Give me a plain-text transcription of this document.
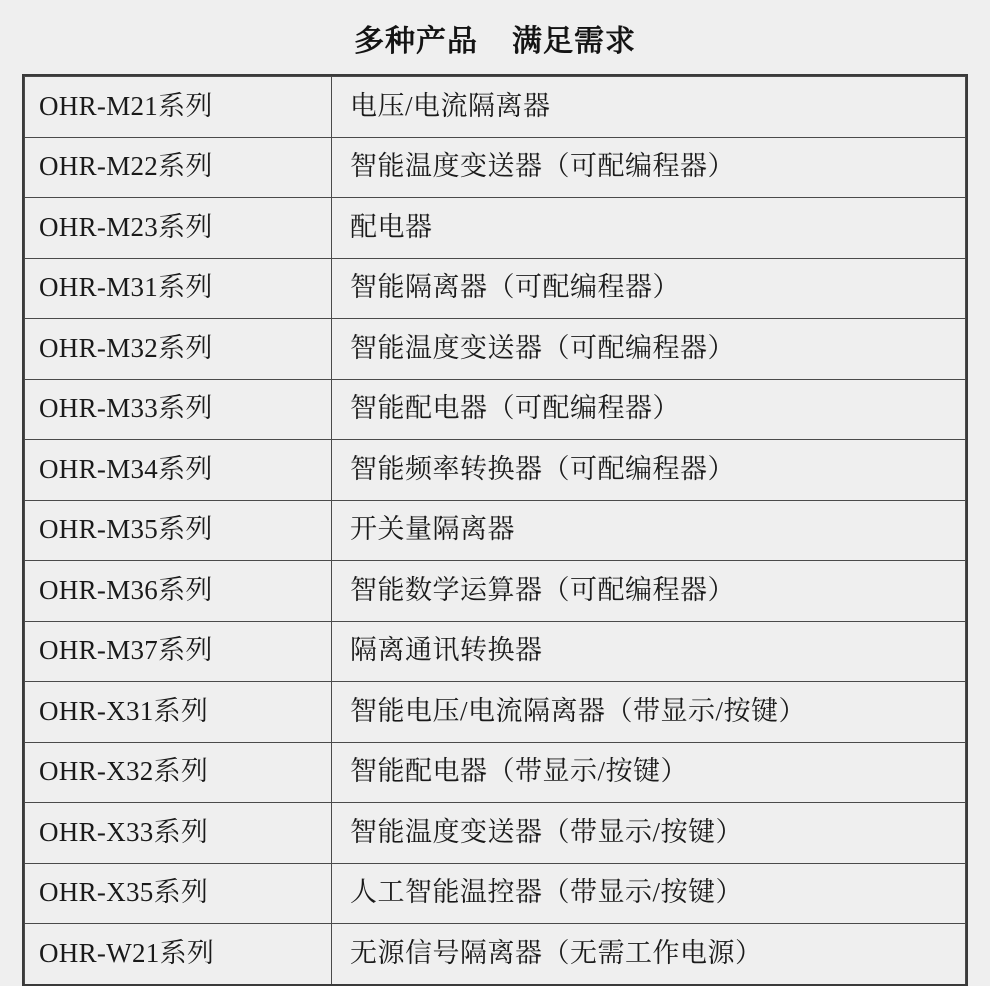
多种产品 满足需求
OHR-M21系列	电压/电流隔离器
OHR-M22系列	智能温度变送器（可配编程器）
OHR-M23系列	配电器
OHR-M31系列	智能隔离器（可配编程器）
OHR-M32系列	智能温度变送器（可配编程器）
OHR-M33系列	智能配电器（可配编程器）
OHR-M34系列	智能频率转换器（可配编程器）
OHR-M35系列	开关量隔离器
OHR-M36系列	智能数学运算器（可配编程器）
OHR-M37系列	隔离通讯转换器
OHR-X31系列	智能电压/电流隔离器（带显示/按键）
OHR-X32系列	智能配电器（带显示/按键）
OHR-X33系列	智能温度变送器（带显示/按键）
OHR-X35系列	人工智能温控器（带显示/按键）
OHR-W21系列	无源信号隔离器（无需工作电源）
